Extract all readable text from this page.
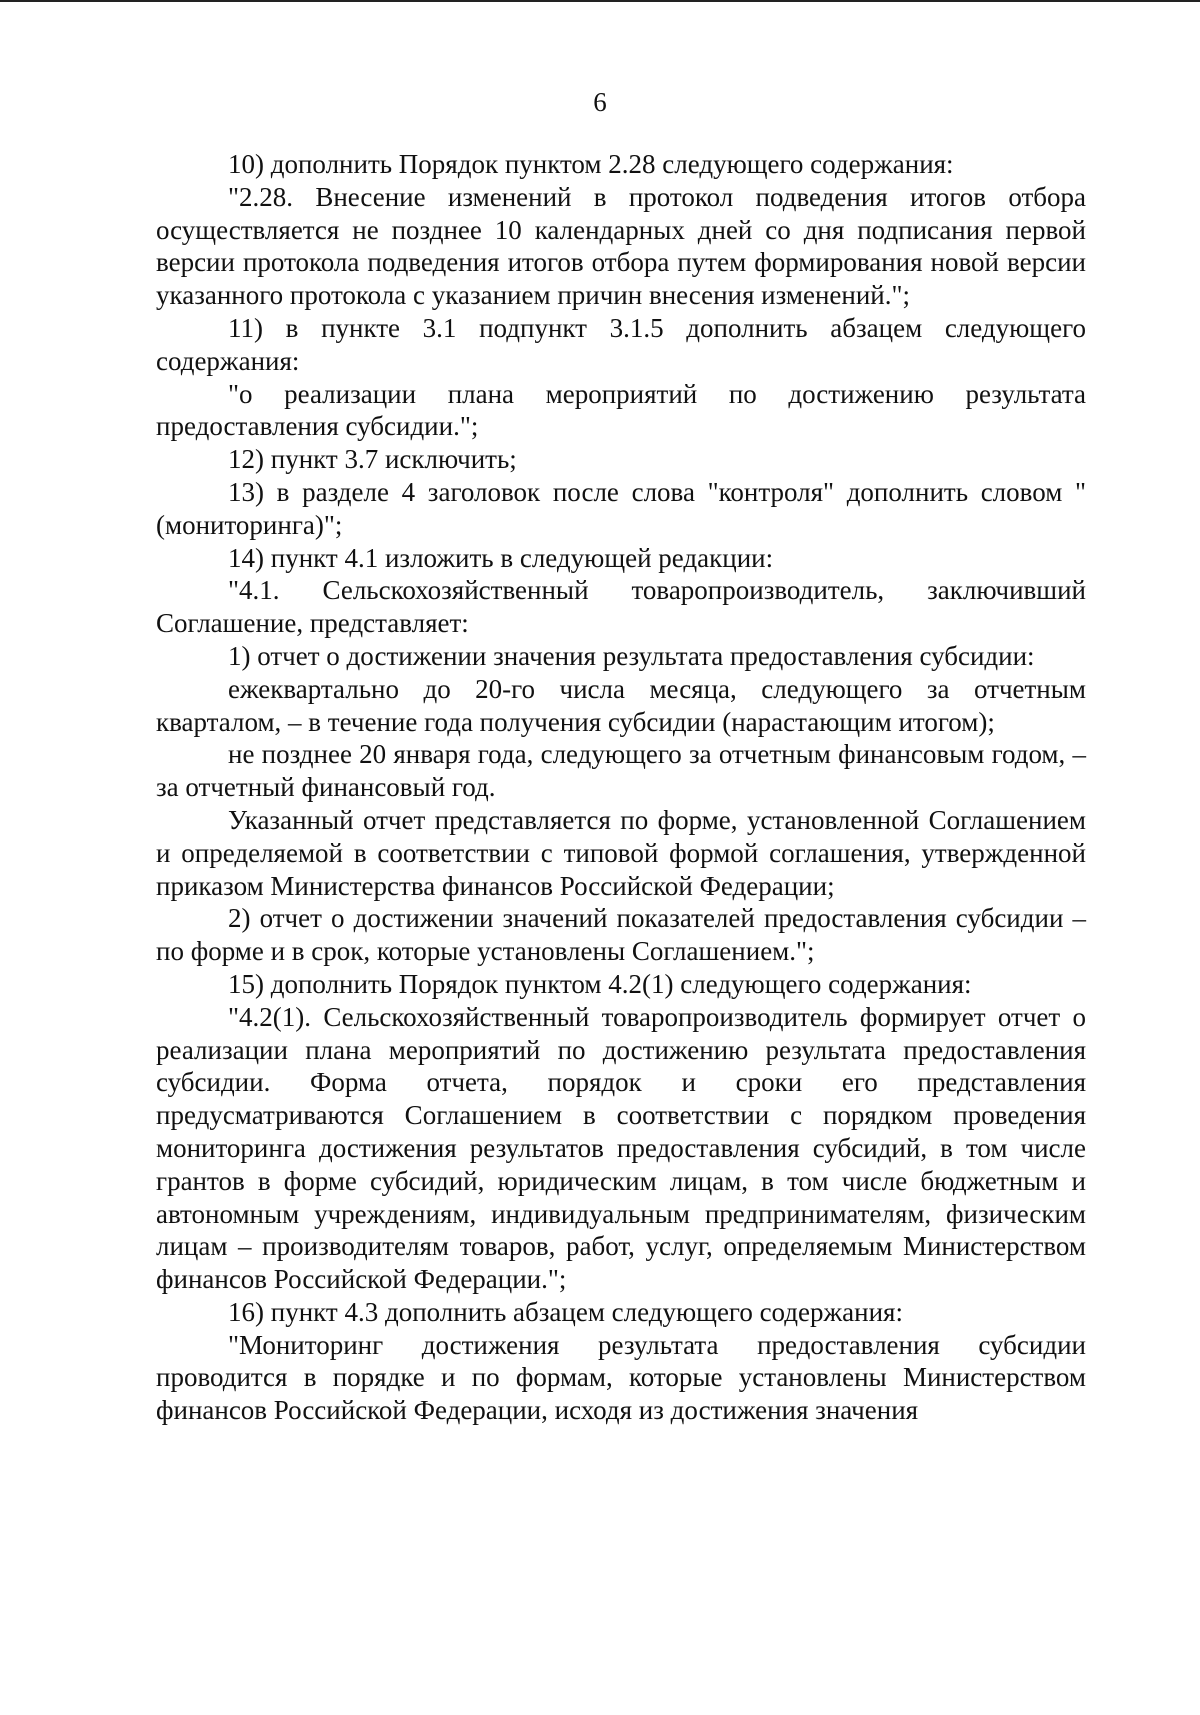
6

10) дополнить Порядок пунктом 2.28 следующего содержания:

"2.28. Внесение изменений в протокол подведения итогов отбора осуществляется не позднее 10 календарных дней со дня подписания первой версии протокола подведения итогов отбора путем формирования новой версии указанного протокола с указанием причин внесения изменений.";

11) в пункте 3.1 подпункт 3.1.5 дополнить абзацем следующего содержания:

"о реализации плана мероприятий по достижению результата предоставления субсидии.";

12) пункт 3.7 исключить;

13) в разделе 4 заголовок после слова "контроля" дополнить словом "(мониторинга)";

14) пункт 4.1 изложить в следующей редакции:

"4.1. Сельскохозяйственный товаропроизводитель, заключивший Соглашение, представляет:

1) отчет о достижении значения результата предоставления субсидии:

ежеквартально до 20-го числа месяца, следующего за отчетным кварталом, – в течение года получения субсидии (нарастающим итогом);

не позднее 20 января года, следующего за отчетным финансовым годом, – за отчетный финансовый год.

Указанный отчет представляется по форме, установленной Соглашением и определяемой в соответствии с типовой формой соглашения, утвержденной приказом Министерства финансов Российской Федерации;

2) отчет о достижении значений показателей предоставления субсидии – по форме и в срок, которые установлены Соглашением.";

15) дополнить Порядок пунктом 4.2(1) следующего содержания:

"4.2(1). Сельскохозяйственный товаропроизводитель формирует отчет о реализации плана мероприятий по достижению результата предоставления субсидии. Форма отчета, порядок и сроки его представления предусматриваются Соглашением в соответствии с порядком проведения мониторинга достижения результатов предоставления субсидий, в том числе грантов в форме субсидий, юридическим лицам, в том числе бюджетным и автономным учреждениям, индивидуальным предпринимателям, физическим лицам – производителям товаров, работ, услуг, определяемым Министерством финансов Российской Федерации.";

16) пункт 4.3 дополнить абзацем следующего содержания:

"Мониторинг достижения результата предоставления субсидии проводится в порядке и по формам, которые установлены Министерством финансов Российской Федерации, исходя из достижения значения
